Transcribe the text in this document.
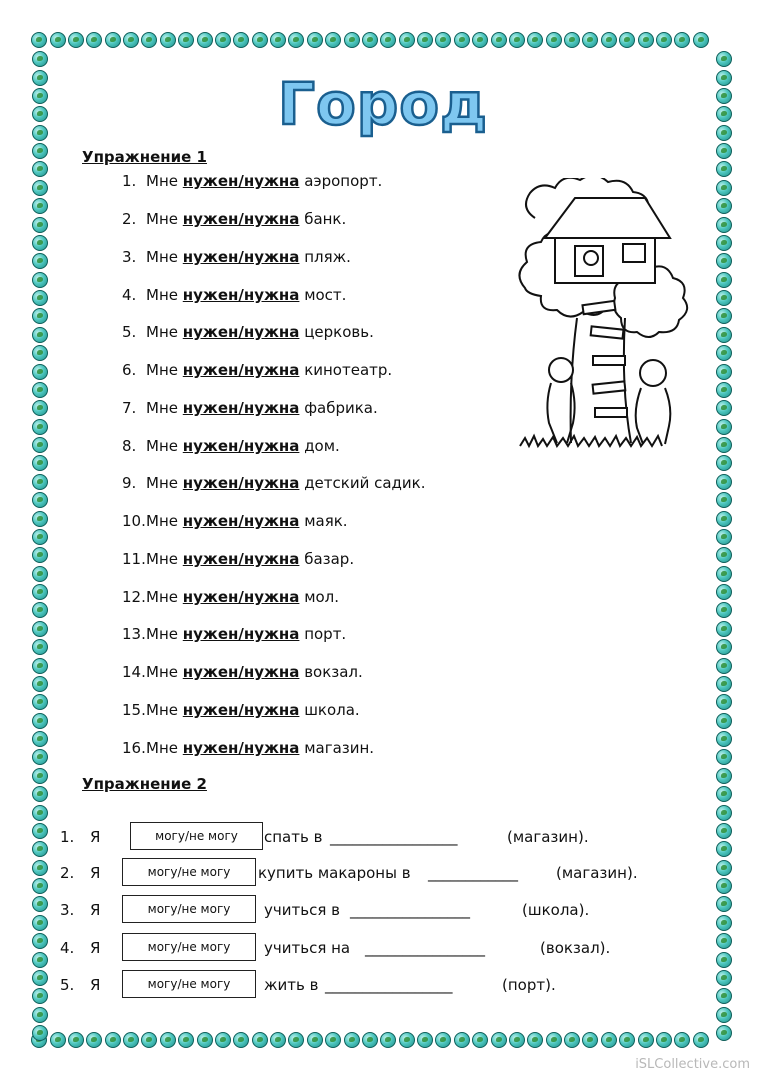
Город
Упражнение 1
1. Мне нужен/нужна аэропорт.
2. Мне нужен/нужна банк.
3. Мне нужен/нужна пляж.
4. Мне нужен/нужна мост.
5. Мне нужен/нужна церковь.
6. Мне нужен/нужна кинотеатр.
7. Мне нужен/нужна фабрика.
8. Мне нужен/нужна дом.
9. Мне нужен/нужна детский садик.
10.Мне нужен/нужна маяк.
11.Мне нужен/нужна базар.
12.Мне нужен/нужна мол.
13.Мне нужен/нужна порт.
14.Мне нужен/нужна вокзал.
15.Мне нужен/нужна школа.
16.Мне нужен/нужна магазин.
Упражнение 2
1. Я	могу/не могу	спать в _________________	(магазин).
2. Я	могу/не могу	купить макароны в ____________	(магазин).
3. Я	могу/не могу	учиться в ________________	(школа).
4. Я	могу/не могу	учиться на ________________	(вокзал).
5. Я	могу/не могу	жить в _________________	(порт).
iSLCollective.com
